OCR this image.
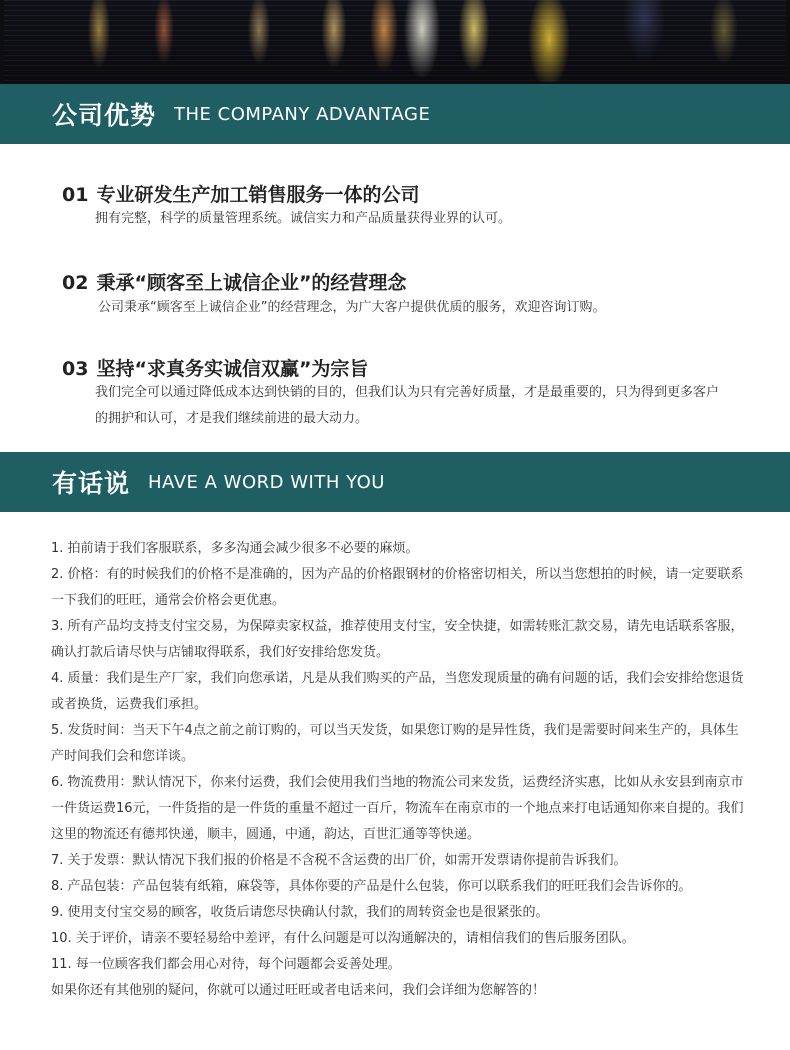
公司优势 THE COMPANY ADVANTAGE
01 专业研发生产加工销售服务一体的公司
拥有完整，科学的质量管理系统。诚信实力和产品质量获得业界的认可。
02 秉承“顾客至上诚信企业”的经营理念
公司秉承“顾客至上诚信企业”的经营理念，为广大客户提供优质的服务，欢迎咨询订购。
03 坚持“求真务实诚信双赢”为宗旨
我们完全可以通过降低成本达到快销的目的，但我们认为只有完善好质量，才是最重要的，只为得到更多客户的拥护和认可，才是我们继续前进的最大动力。
有话说 HAVE A WORD WITH YOU

1. 拍前请于我们客服联系，多多沟通会减少很多不必要的麻烦。

2. 价格：有的时候我们的价格不是准确的，因为产品的价格跟钢材的价格密切相关，所以当您想拍的时候，请一定要联系一下我们的旺旺，通常会价格会更优惠。

3. 所有产品均支持支付宝交易，为保障卖家权益，推荐使用支付宝，安全快捷，如需转账汇款交易，请先电话联系客服，确认打款后请尽快与店铺取得联系，我们好安排给您发货。

4. 质量：我们是生产厂家，我们向您承诺，凡是从我们购买的产品，当您发现质量的确有问题的话，我们会安排给您退货或者换货，运费我们承担。

5. 发货时间：当天下午4点之前之前订购的，可以当天发货，如果您订购的是异性货，我们是需要时间来生产的，具体生产时间我们会和您详谈。

6. 物流费用：默认情况下，你来付运费，我们会使用我们当地的物流公司来发货，运费经济实惠，比如从永安县到南京市一件货运费16元，一件货指的是一件货的重量不超过一百斤，物流车在南京市的一个地点来打电话通知你来自提的。我们这里的物流还有德邦快递，顺丰，圆通，中通，韵达，百世汇通等等快递。

7. 关于发票：默认情况下我们报的价格是不含税不含运费的出厂价，如需开发票请你提前告诉我们。

8. 产品包装：产品包装有纸箱，麻袋等，具体你要的产品是什么包装，你可以联系我们的旺旺我们会告诉你的。

9. 使用支付宝交易的顾客，收货后请您尽快确认付款，我们的周转资金也是很紧张的。

10. 关于评价，请亲不要轻易给中差评，有什么问题是可以沟通解决的，请相信我们的售后服务团队。

11. 每一位顾客我们都会用心对待，每个问题都会妥善处理。

如果你还有其他别的疑问，你就可以通过旺旺或者电话来问，我们会详细为您解答的！
